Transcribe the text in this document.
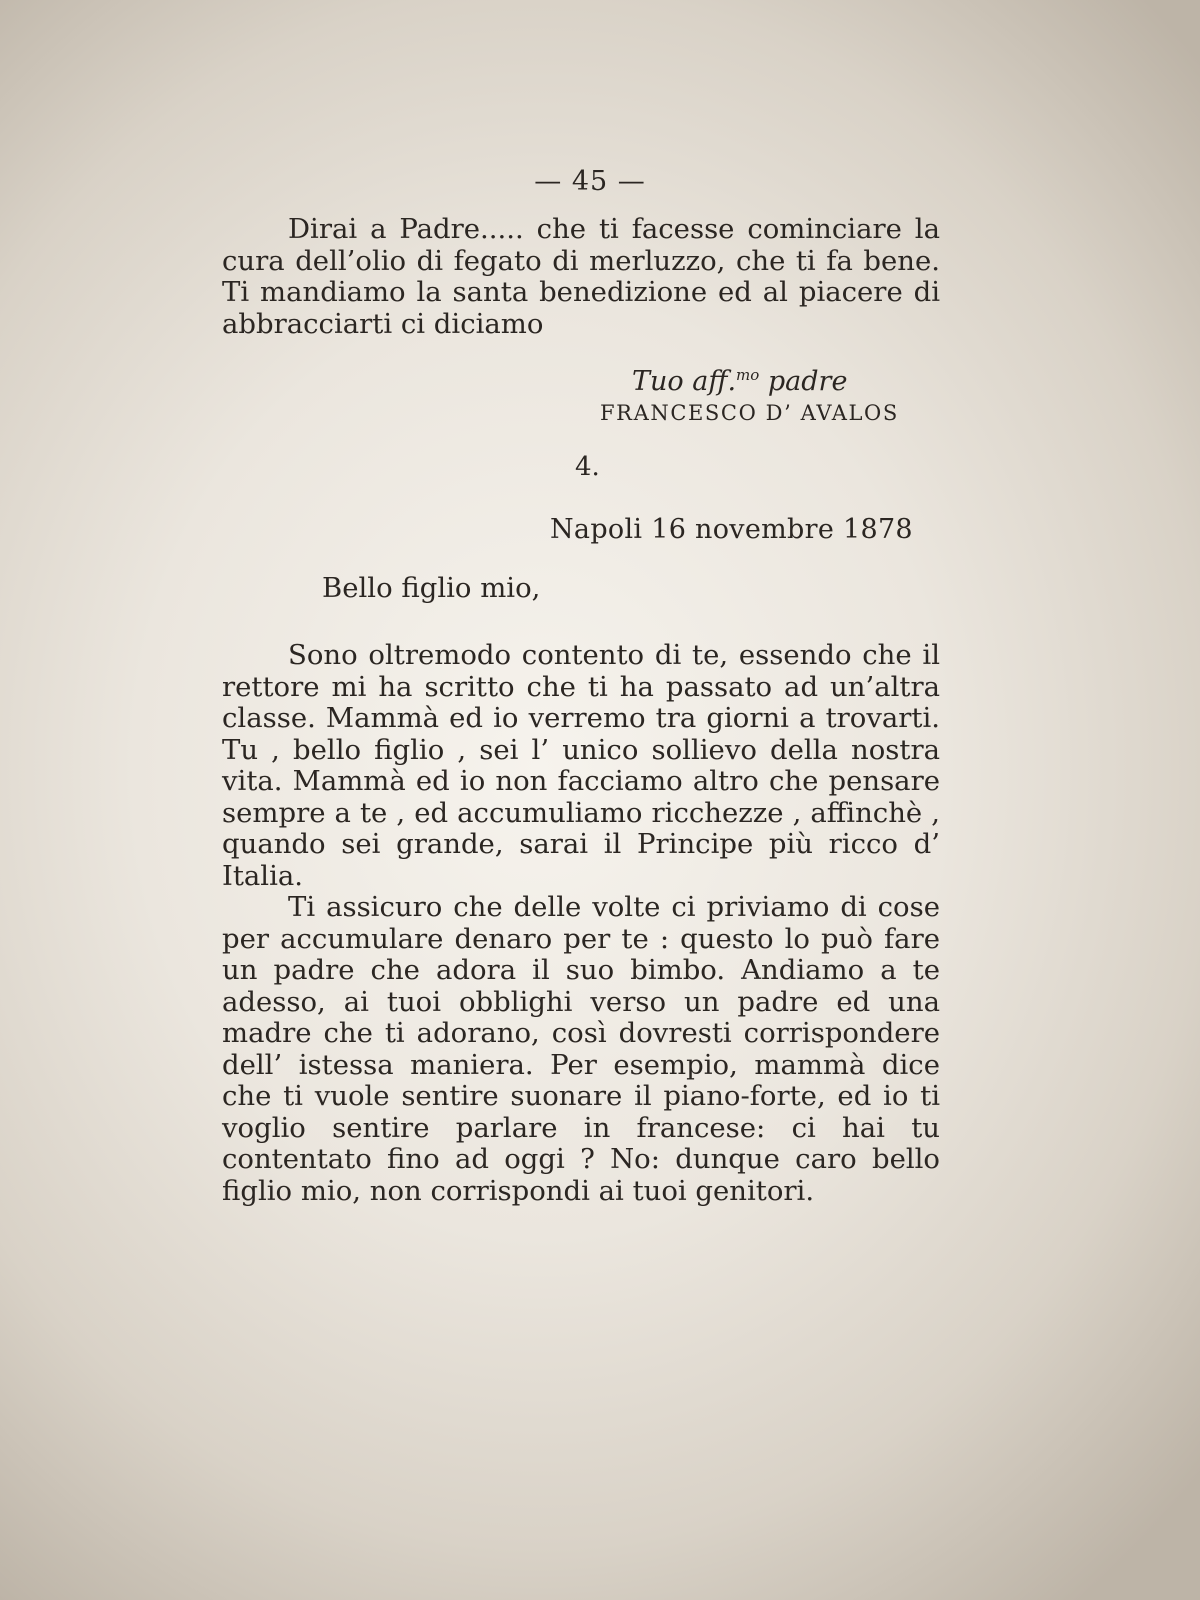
— 45 —

Dirai a Padre..... che ti facesse cominciare la cura dell’olio di fegato di merluzzo, che ti fa bene. Ti mandiamo la santa benedizione ed al piacere di abbracciarti ci diciamo

Tuo aff.$^{mo}$ padre
FRANCESCO D’ AVALOS
4.
Napoli 16 novembre 1878
Bello figlio mio,

Sono oltremodo contento di te, essendo che il rettore mi ha scritto che ti ha passato ad un’altra classe. Mammà ed io verremo tra giorni a trovarti. Tu , bello figlio , sei l’ unico sollievo della nostra vita. Mammà ed io non facciamo altro che pensare sempre a te , ed accumuliamo ricchezze , affinchè , quando sei grande, sarai il Principe più ricco d’ Italia.

Ti assicuro che delle volte ci priviamo di cose per accumulare denaro per te : questo lo può fare un padre che adora il suo bimbo. Andiamo a te adesso, ai tuoi obblighi verso un padre ed una madre che ti adorano, così dovresti corrispondere dell’ istessa maniera. Per esempio, mammà dice che ti vuole sentire suonare il piano-forte, ed io ti voglio sentire parlare in francese: ci hai tu contentato fino ad oggi ? No: dunque caro bello figlio mio, non corrispondi ai tuoi genitori.
